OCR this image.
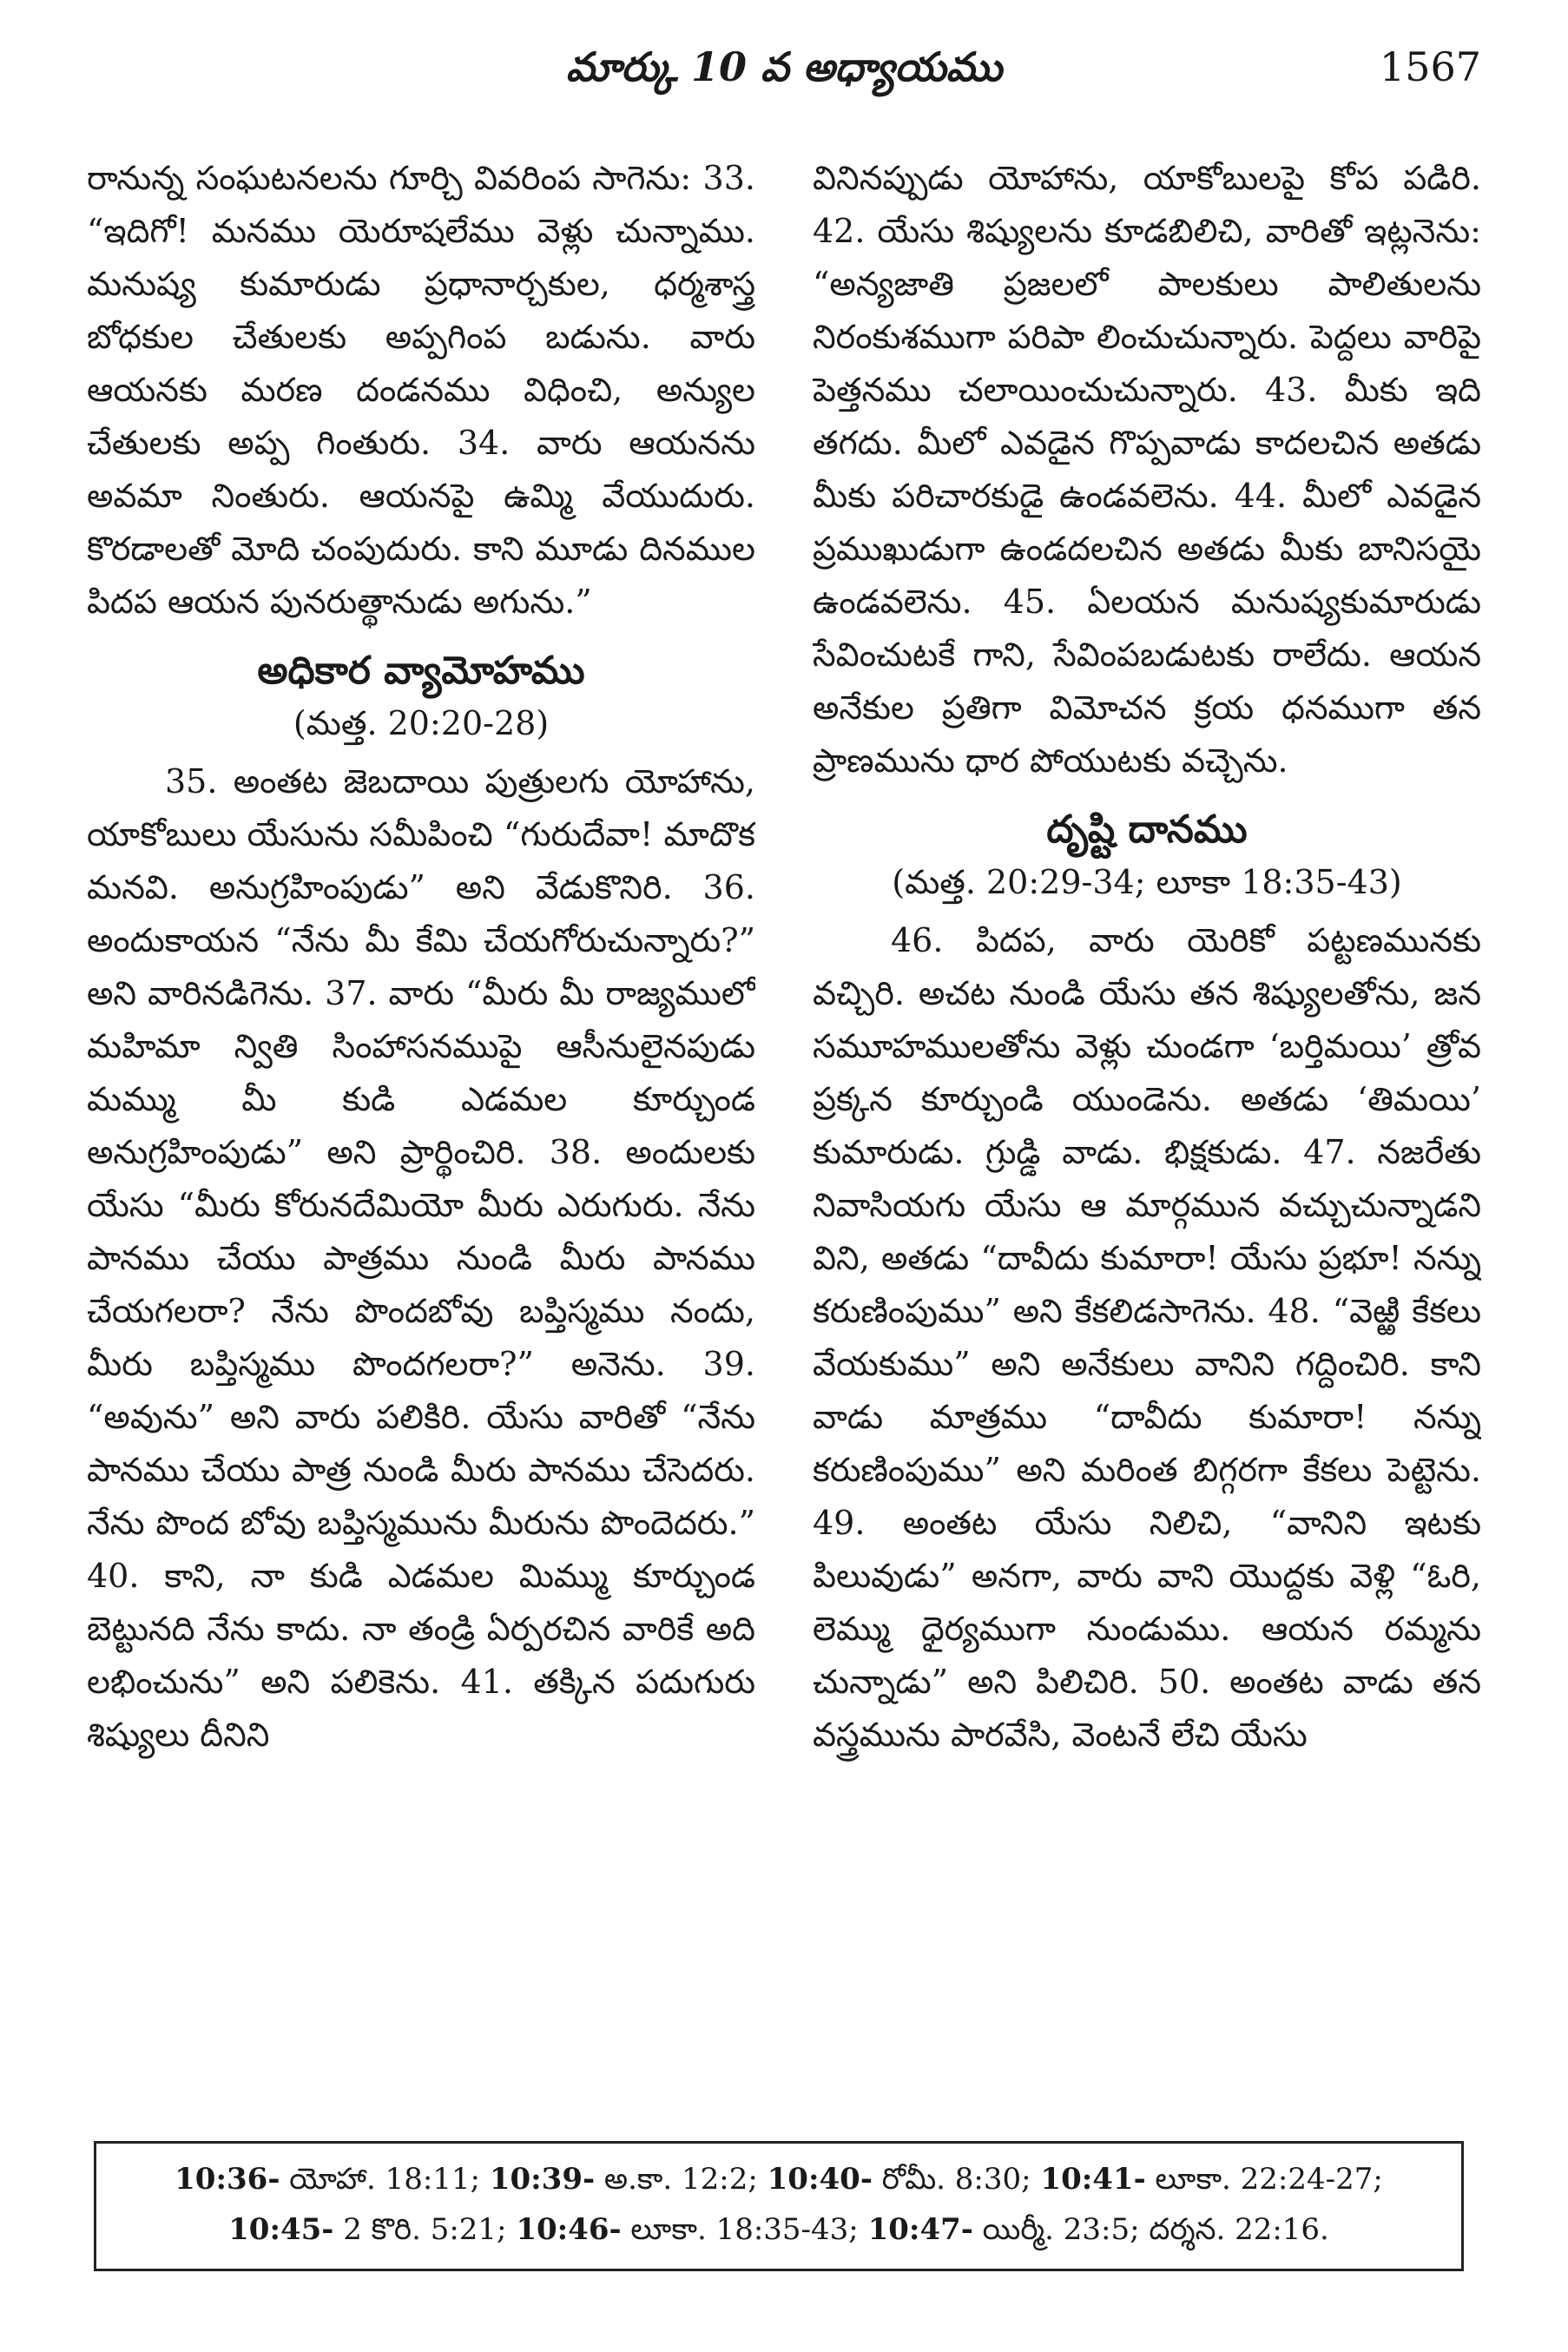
మార్కు 10 వ అధ్యాయము	1567

రానున్న సంఘటనలను గూర్చి వివరింప సాగెను: 33. “ఇదిగో! మనము యెరూషలేము వెళ్లు చున్నాము. మనుష్య కుమారుడు ప్రధానార్చకుల, ధర్మశాస్త్ర బోధకుల చేతులకు అప్పగింప బడును. వారు ఆయనకు మరణ దండనము విధించి, అన్యుల చేతులకు అప్ప గింతురు. 34. వారు ఆయనను అవమా నింతురు. ఆయనపై ఉమ్మి వేయుదురు. కొరడాలతో మోది చంపుదురు. కాని మూడు దినముల పిదప ఆయన పునరుత్థానుడు అగును.”

అధికార వ్యామోహము
(మత్త. 20:20-28)

35. అంతట జెబదాయి పుత్రులగు యోహాను, యాకోబులు యేసును సమీపించి “గురుదేవా! మాదొక మనవి. అనుగ్రహింపుడు” అని వేడుకొనిరి. 36. అందుకాయన “నేను మీ కేమి చేయగోరుచున్నారు?” అని వారినడిగెను. 37. వారు “మీరు మీ రాజ్యములో మహిమా న్వితి సింహాసనముపై ఆసీనులైనపుడు మమ్ము మీ కుడి ఎడమల కూర్చుండ అనుగ్రహింపుడు” అని ప్రార్థించిరి. 38. అందులకు యేసు “మీరు కోరునదేమియో మీరు ఎరుగురు. నేను పానము చేయు పాత్రము నుండి మీరు పానము చేయగలరా? నేను పొందబోవు బప్తిస్మము నందు, మీరు బప్తిస్మము పొందగలరా?” అనెను. 39. “అవును” అని వారు పలికిరి. యేసు వారితో “నేను పానము చేయు పాత్ర నుండి మీరు పానము చేసెదరు. నేను పొంద బోవు బప్తిస్మమును మీరును పొందెదరు.” 40. కాని, నా కుడి ఎడమల మిమ్ము కూర్చుండ బెట్టునది నేను కాదు. నా తండ్రి ఏర్పరచిన వారికే అది లభించును” అని పలికెను. 41. తక్కిన పదుగురు శిష్యులు దీనిని

వినినప్పుడు యోహాను, యాకోబులపై కోప పడిరి. 42. యేసు శిష్యులను కూడబిలిచి, వారితో ఇట్లనెను: “అన్యజాతి ప్రజలలో పాలకులు పాలితులను నిరంకుశముగా పరిపా లించుచున్నారు. పెద్దలు వారిపై పెత్తనము చలాయించుచున్నారు. 43. మీకు ఇది తగదు. మీలో ఎవడైన గొప్పవాడు కాదలచిన అతడు మీకు పరిచారకుడై ఉండవలెను. 44. మీలో ఎవడైన ప్రముఖుడుగా ఉండదలచిన అతడు మీకు బానిసయై ఉండవలెను. 45. ఏలయన మనుష్యకుమారుడు సేవించుటకే గాని, సేవింపబడుటకు రాలేదు. ఆయన అనేకుల ప్రతిగా విమోచన క్రయ ధనముగా తన ప్రాణమును ధార పోయుటకు వచ్చెను.

దృష్టి దానము
(మత్త. 20:29-34; లూకా 18:35-43)

46. పిదప, వారు యెరికో పట్టణమునకు వచ్చిరి. అచట నుండి యేసు తన శిష్యులతోను, జన సమూహములతోను వెళ్లు చుండగా ‘బర్తిమయి’ త్రోవ ప్రక్కన కూర్చుండి యుండెను. అతడు ‘తిమయి’ కుమారుడు. గ్రుడ్డి వాడు. భిక్షకుడు. 47. నజరేతు నివాసియగు యేసు ఆ మార్గమున వచ్చుచున్నాడని విని, అతడు “దావీదు కుమారా! యేసు ప్రభూ! నన్ను కరుణింపుము” అని కేకలిడసాగెను. 48. “వెఱ్ఱి కేకలు వేయకుము” అని అనేకులు వానిని గద్దించిరి. కాని వాడు మాత్రము “దావీదు కుమారా! నన్ను కరుణింపుము” అని మరింత బిగ్గరగా కేకలు పెట్టెను. 49. అంతట యేసు నిలిచి, “వానిని ఇటకు పిలువుడు” అనగా, వారు వాని యొద్దకు వెళ్లి “ఓరి, లెమ్ము ధైర్యముగా నుండుము. ఆయన రమ్మను చున్నాడు” అని పిలిచిరి. 50. అంతట వాడు తన వస్త్రమును పారవేసి, వెంటనే లేచి యేసు

10:36- యోహా. 18:11; 10:39- అ.కా. 12:2; 10:40- రోమీ. 8:30; 10:41- లూకా. 22:24-27;
10:45- 2 కొరి. 5:21; 10:46- లూకా. 18:35-43; 10:47- యిర్మీ. 23:5; దర్శన. 22:16.
